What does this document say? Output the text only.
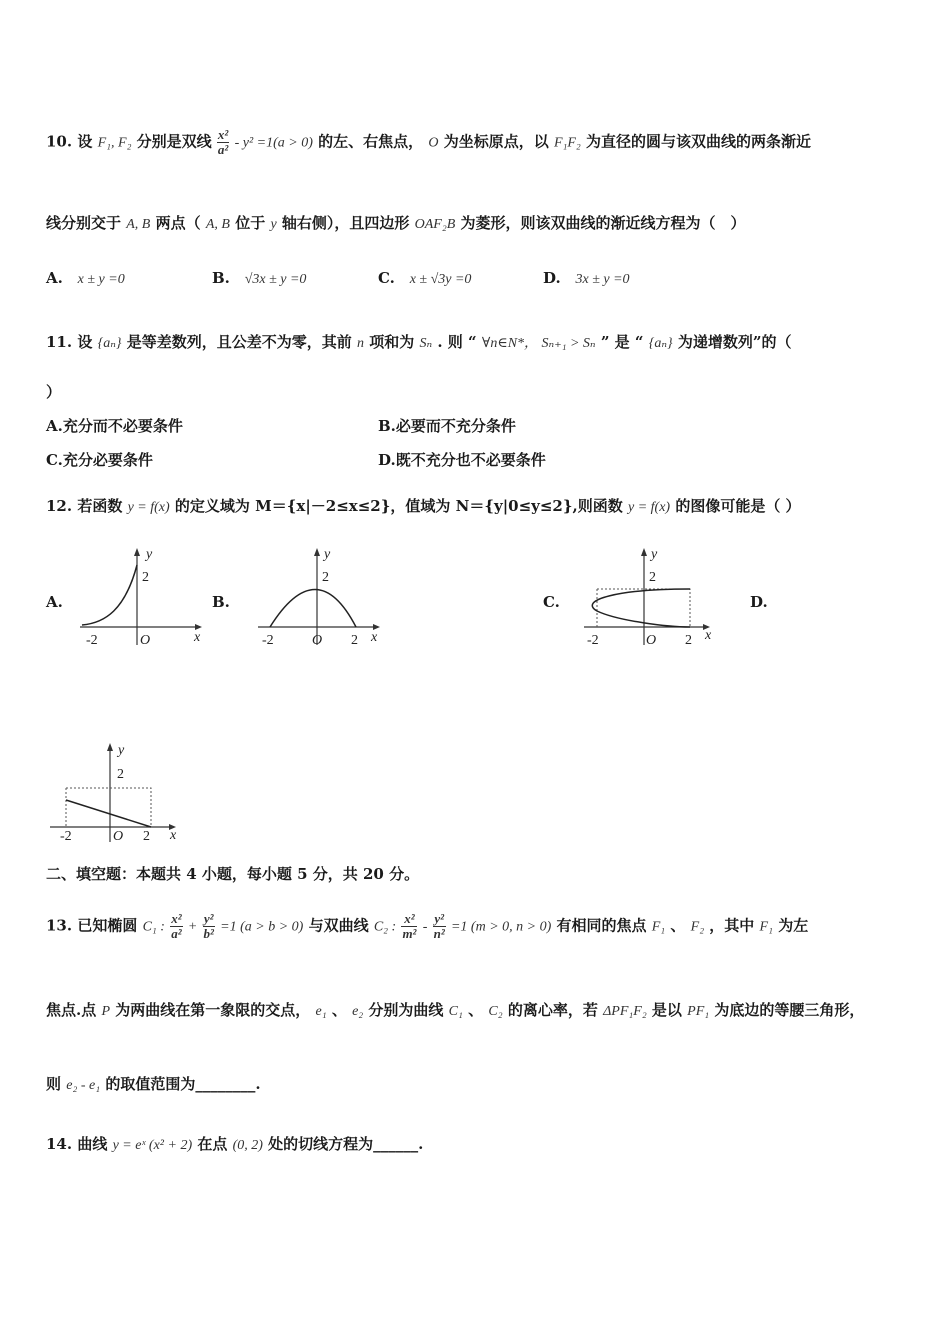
10. 设 F₁, F₂ 分别是双线 $\frac{\text{x²}}{\text{a²}} - y^2 =1(a > 0)$ 的左、右焦点， O 为坐标原点，以 F₁F₂ 为直径的圆与该双曲线的两条渐近
线分别交于 A, B 两点（ A, B 位于 y 轴右侧），且四边形 OAF₂B 为菱形，则该双曲线的渐近线方程为（　）
A. x ± y =0	B. √3x ± y =0	C. x ± √3y =0	D. 3x ± y =0
11. 设 {aₙ} 是等差数列，且公差不为零，其前 n 项和为 Sₙ . 则 “ ∀n∈N*， Sₙ₊₁ > Sₙ ” 是 “ {aₙ} 为递增数列”的（
）
A.充分而不必要条件	B.必要而不充分条件
C.充分必要条件	D.既不充分也不必要条件
12. 若函数 y = f(x) 的定义域为 M＝{x|－2≤x≤2}，值域为 N＝{y|0≤y≤2},则函数 y = f(x) 的图像可能是（ ）
A.
y
2
-2	O	x
B.
y
2
-2	O 2 x
C.
y
2
-2	O 2 x
D.
y
2
-2	O 2 x
二、填空题：本题共 4 小题，每小题 5 分，共 20 分。
13. 已知椭圆 C₁ : $\frac{\text{x²}}{\text{a²}} + \frac{\text{y²}}{\text{b²}} =1$ (a > b > 0) 与双曲线 C₂ : $\frac{\text{x²}}{\text{m²}} - \frac{\text{y²}}{\text{n²}} =1$ (m > 0, n > 0) 有相同的焦点 F₁ 、 F₂ ，其中 F₁ 为左
焦点.点 P 为两曲线在第一象限的交点， e₁ 、 e₂ 分别为曲线 C₁ 、 C₂ 的离心率，若 ΔPF₁F₂ 是以 PF₁ 为底边的等腰三角形，
则 e₂ - e₁ 的取值范围为________.
14. 曲线 y = eˣ (x² + 2) 在点 (0, 2) 处的切线方程为______.
